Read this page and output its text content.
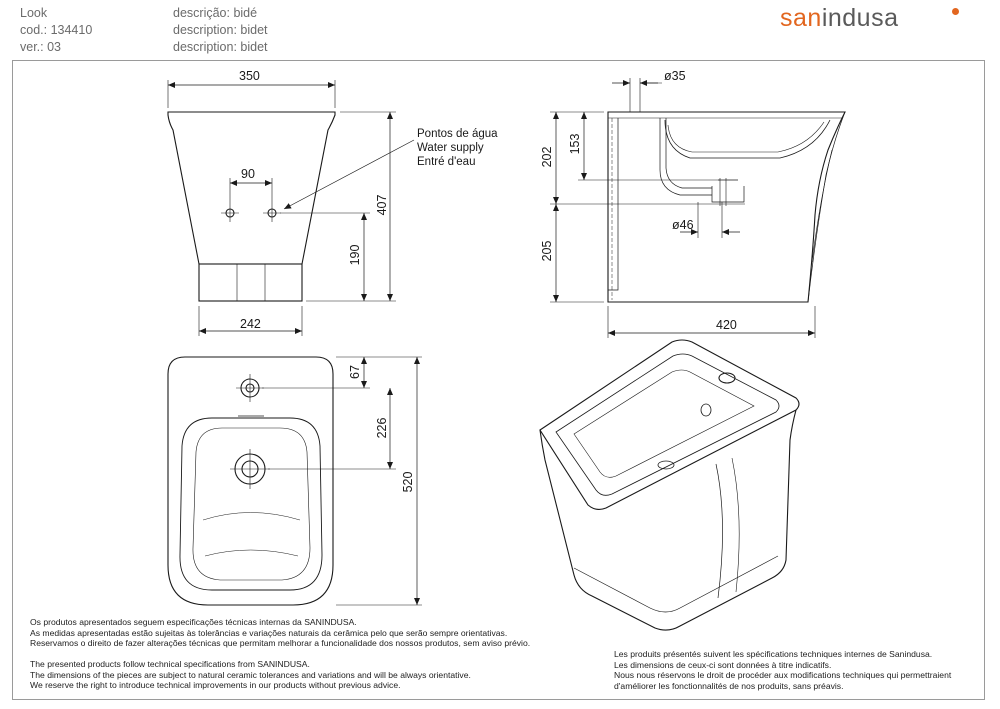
Look
cod.: 134410
ver.: 03
descrição: bidé
description: bidet
description: bidet
sanindusa
350
90
242	420
ø35
ø46
407
190
67
226
520
202
153
205
Pontos de água
Water supply
Entré d'eau
Os produtos apresentados seguem especificações técnicas internas da SANINDUSA.
As medidas apresentadas estão sujeitas às tolerâncias e variações naturais da cerâmica pelo que serão sempre orientativas.
Reservamos o direito de fazer alterações técnicas que permitam melhorar a funcionalidade dos nossos produtos, sem aviso prévio.
The presented products follow technical specifications from SANINDUSA.
The dimensions of the pieces are subject to natural ceramic tolerances and variations and will be always orientative.
We reserve the right to introduce technical improvements in our products without previous advice.
Les produits présentés suivent les spécifications techniques internes de Sanindusa.
Les dimensions de ceux-ci sont données à titre indicatifs.
Nous nous réservons le droit de procéder aux modifications techniques qui permettraient
d'améliorer les fonctionnalités de nos produits, sans préavis.
